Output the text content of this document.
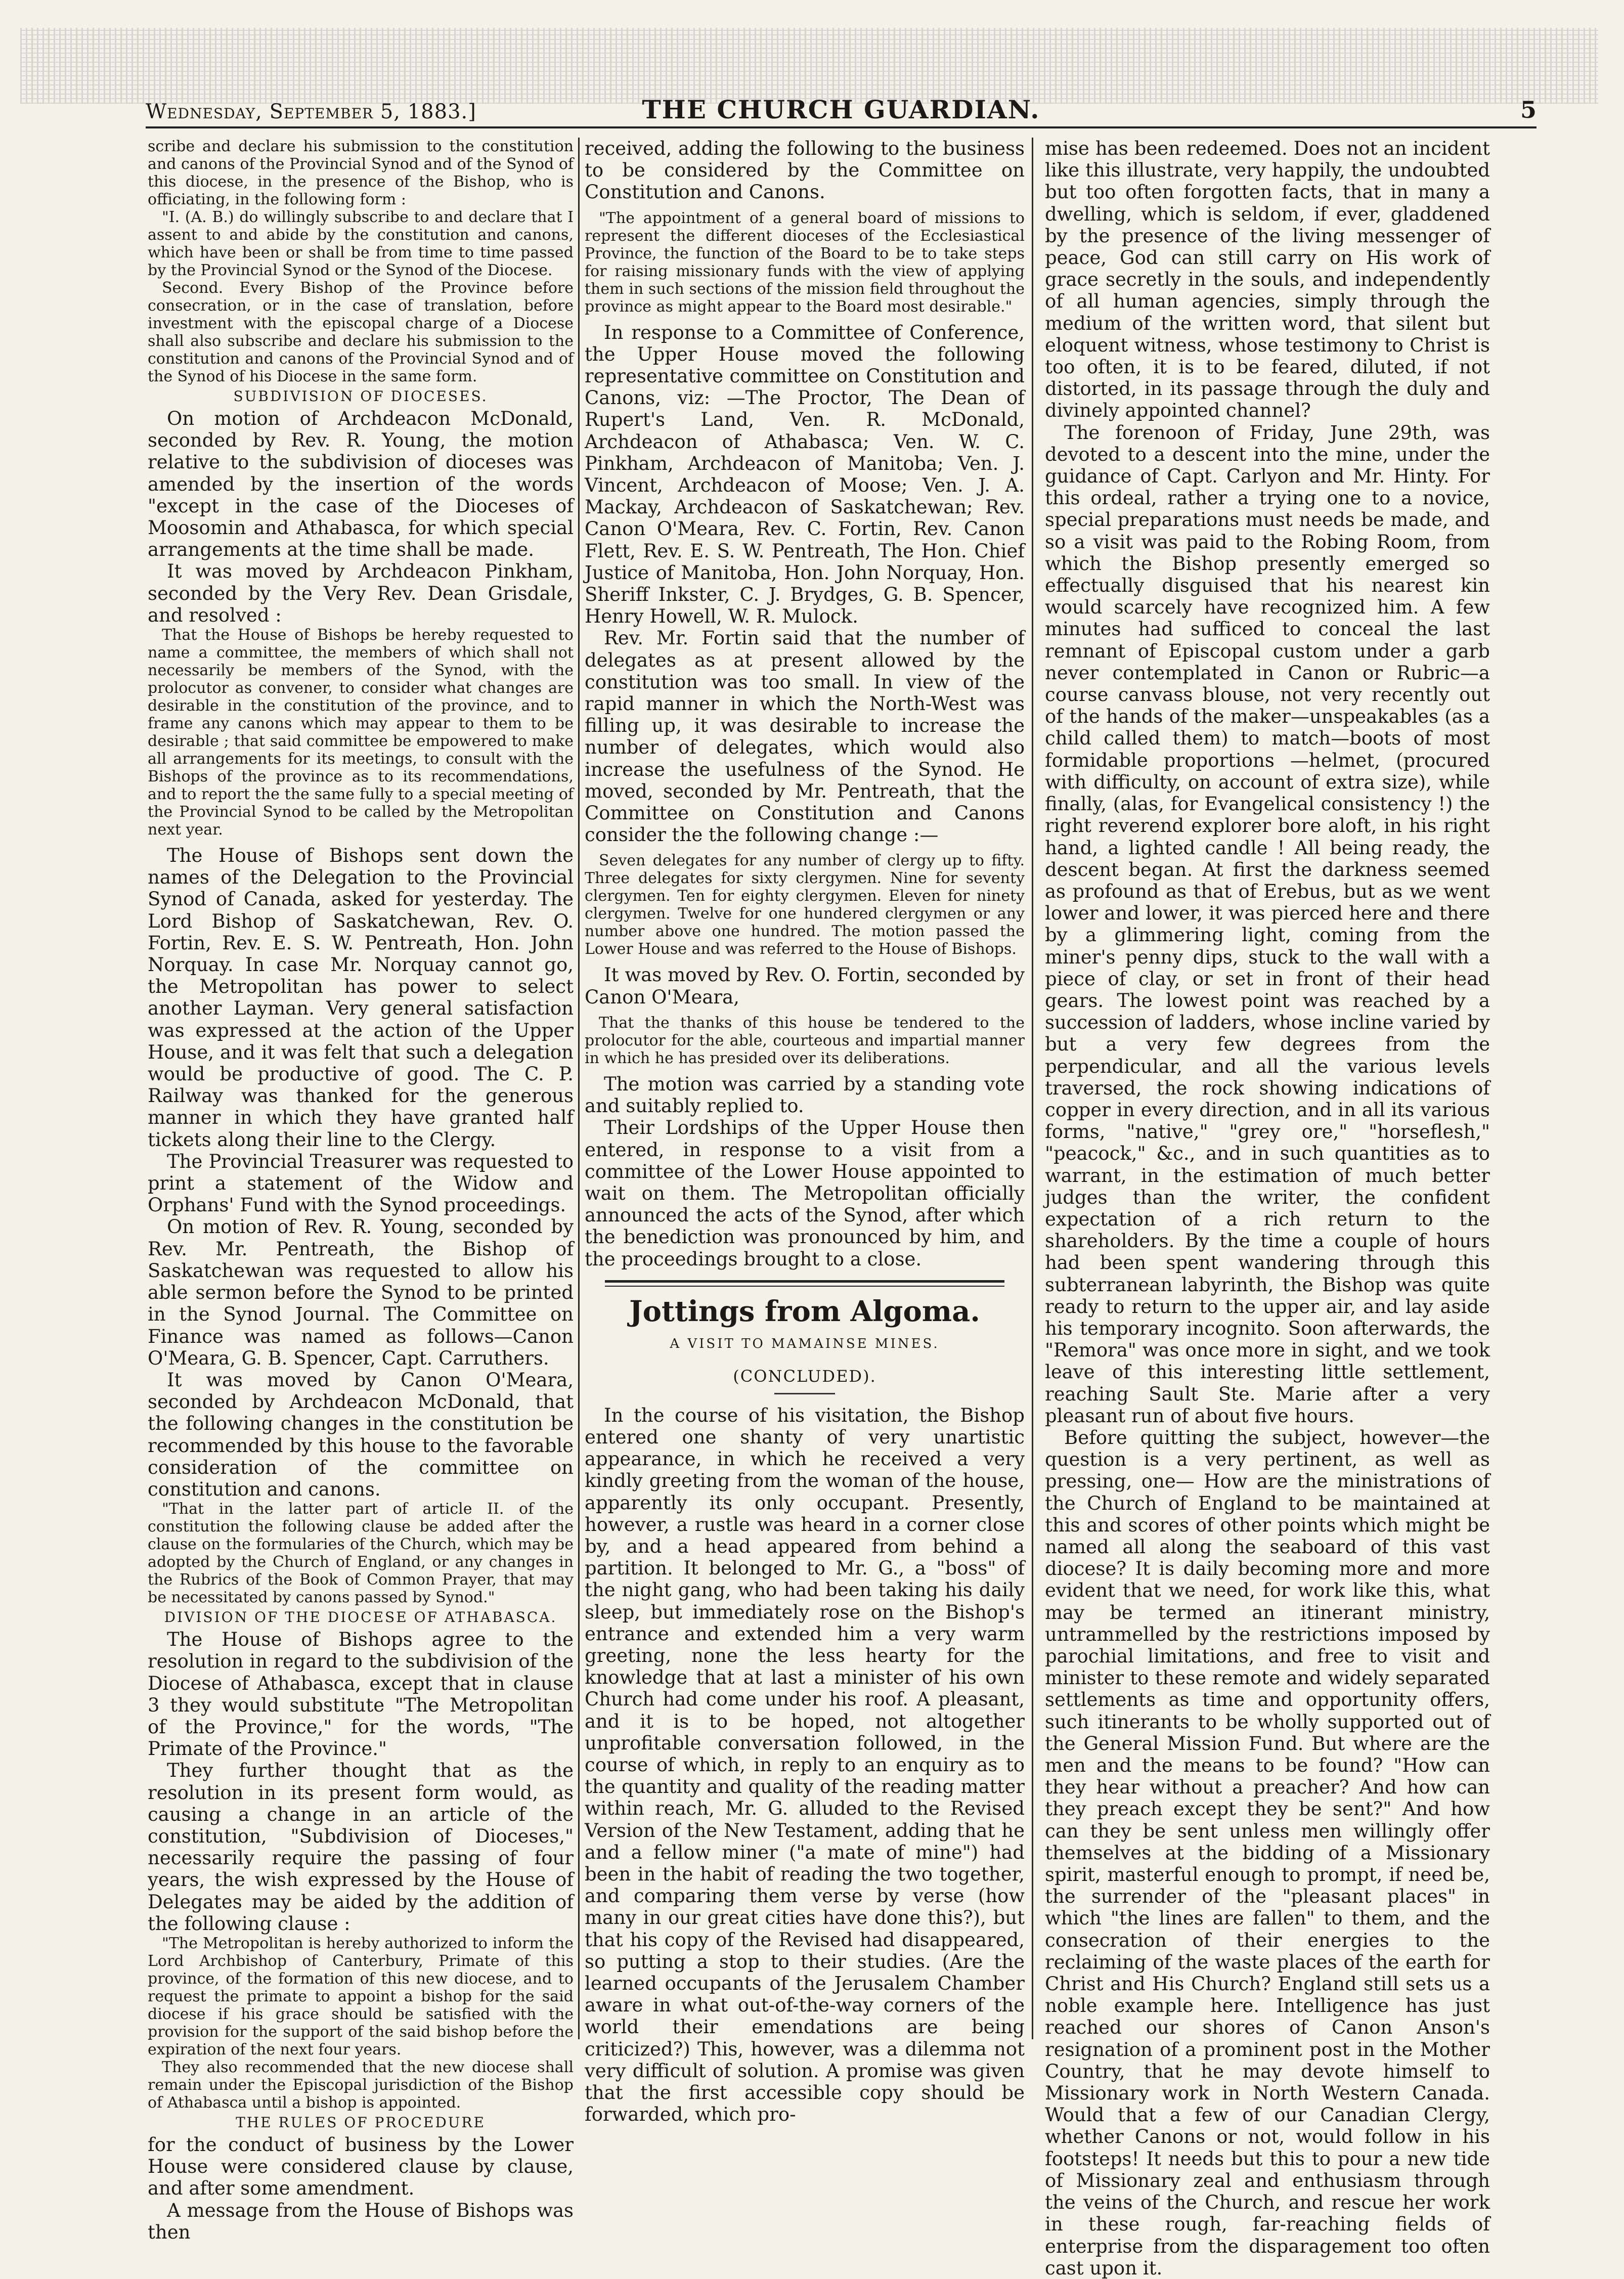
Wednesday, September 5, 1883.]	THE CHURCH GUARDIAN.	5

scribe and declare his submission to the constitution and canons of the Provincial Synod and of the Synod of this diocese, in the presence of the Bishop, who is officiating, in the following form :

"I. (A. B.) do willingly subscribe to and declare that I assent to and abide by the constitution and canons, which have been or shall be from time to time passed by the Provincial Synod or the Synod of the Diocese.

Second. Every Bishop of the Province before consecration, or in the case of translation, before investment with the episcopal charge of a Diocese shall also subscribe and declare his submission to the constitution and canons of the Provincial Synod and of the Synod of his Diocese in the same form.

SUBDIVISION OF DIOCESES.

On motion of Archdeacon McDonald, seconded by Rev. R. Young, the motion relative to the subdivision of dioceses was amended by the insertion of the words "except in the case of the Dioceses of Moosomin and Athabasca, for which special arrangements at the time shall be made.

It was moved by Archdeacon Pinkham, seconded by the Very Rev. Dean Grisdale, and resolved :

That the House of Bishops be hereby requested to name a committee, the members of which shall not necessarily be members of the Synod, with the prolocutor as convener, to consider what changes are desirable in the constitution of the province, and to frame any canons which may appear to them to be desirable ; that said committee be empowered to make all arrangements for its meetings, to consult with the Bishops of the province as to its recommendations, and to report the the same fully to a special meeting of the Provincial Synod to be called by the Metropolitan next year.

The House of Bishops sent down the names of the Delegation to the Provincial Synod of Canada, asked for yesterday. The Lord Bishop of Saskatchewan, Rev. O. Fortin, Rev. E. S. W. Pentreath, Hon. John Norquay. In case Mr. Norquay cannot go, the Metropolitan has power to select another Layman. Very general satisfaction was expressed at the action of the Upper House, and it was felt that such a delegation would be productive of good. The C. P. Railway was thanked for the generous manner in which they have granted half tickets along their line to the Clergy.

The Provincial Treasurer was requested to print a statement of the Widow and Orphans' Fund with the Synod proceedings.

On motion of Rev. R. Young, seconded by Rev. Mr. Pentreath, the Bishop of Saskatchewan was requested to allow his able sermon before the Synod to be printed in the Synod Journal. The Committee on Finance was named as follows—Canon O'Meara, G. B. Spencer, Capt. Carruthers.

It was moved by Canon O'Meara, seconded by Archdeacon McDonald, that the following changes in the constitution be recommended by this house to the favorable consideration of the committee on constitution and canons.

"That in the latter part of article II. of the constitution the following clause be added after the clause on the formularies of the Church, which may be adopted by the Church of England, or any changes in the Rubrics of the Book of Common Prayer, that may be necessitated by canons passed by Synod."

DIVISION OF THE DIOCESE OF ATHABASCA.

The House of Bishops agree to the resolution in regard to the subdivision of the Diocese of Athabasca, except that in clause 3 they would substitute "The Metropolitan of the Province," for the words, "The Primate of the Province."

They further thought that as the resolution in its present form would, as causing a change in an article of the constitution, "Subdivision of Dioceses," necessarily require the passing of four years, the wish expressed by the House of Delegates may be aided by the addition of the following clause :

"The Metropolitan is hereby authorized to inform the Lord Archbishop of Canterbury, Primate of this province, of the formation of this new diocese, and to request the primate to appoint a bishop for the said diocese if his grace should be satisfied with the provision for the support of the said bishop before the expiration of the next four years.

They also recommended that the new diocese shall remain under the Episcopal jurisdiction of the Bishop of Athabasca until a bishop is appointed.

THE RULES OF PROCEDURE

for the conduct of business by the Lower House were considered clause by clause, and after some amendment.

A message from the House of Bishops was then

received, adding the following to the business to be considered by the Committee on Constitution and Canons.

"The appointment of a general board of missions to represent the different dioceses of the Ecclesiastical Province, the function of the Board to be to take steps for raising missionary funds with the view of applying them in such sections of the mission field throughout the province as might appear to the Board most desirable."

In response to a Committee of Conference, the Upper House moved the following representative committee on Constitution and Canons, viz: —The Proctor, The Dean of Rupert's Land, Ven. R. McDonald, Archdeacon of Athabasca; Ven. W. C. Pinkham, Archdeacon of Manitoba; Ven. J. Vincent, Archdeacon of Moose; Ven. J. A. Mackay, Archdeacon of Saskatchewan; Rev. Canon O'Meara, Rev. C. Fortin, Rev. Canon Flett, Rev. E. S. W. Pentreath, The Hon. Chief Justice of Manitoba, Hon. John Norquay, Hon. Sheriff Inkster, C. J. Brydges, G. B. Spencer, Henry Howell, W. R. Mulock.

Rev. Mr. Fortin said that the number of delegates as at present allowed by the constitution was too small. In view of the rapid manner in which the North-West was filling up, it was desirable to increase the number of delegates, which would also increase the usefulness of the Synod. He moved, seconded by Mr. Pentreath, that the Committee on Constitution and Canons consider the the following change :—

Seven delegates for any number of clergy up to fifty. Three delegates for sixty clergymen. Nine for seventy clergymen. Ten for eighty clergymen. Eleven for ninety clergymen. Twelve for one hundered clergymen or any number above one hundred. The motion passed the Lower House and was referred to the House of Bishops.

It was moved by Rev. O. Fortin, seconded by Canon O'Meara,

That the thanks of this house be tendered to the prolocutor for the able, courteous and impartial manner in which he has presided over its deliberations.

The motion was carried by a standing vote and suitably replied to.

Their Lordships of the Upper House then entered, in response to a visit from a committee of the Lower House appointed to wait on them. The Metropolitan officially announced the acts of the Synod, after which the benediction was pronounced by him, and the proceedings brought to a close.

Jottings from Algoma.

A VISIT TO MAMAINSE MINES.

(CONCLUDED).

In the course of his visitation, the Bishop entered one shanty of very unartistic appearance, in which he received a very kindly greeting from the woman of the house, apparently its only occupant. Presently, however, a rustle was heard in a corner close by, and a head appeared from behind a partition. It belonged to Mr. G., a "boss" of the night gang, who had been taking his daily sleep, but immediately rose on the Bishop's entrance and extended him a very warm greeting, none the less hearty for the knowledge that at last a minister of his own Church had come under his roof. A pleasant, and it is to be hoped, not altogether unprofitable conversation followed, in the course of which, in reply to an enquiry as to the quantity and quality of the reading matter within reach, Mr. G. alluded to the Revised Version of the New Testament, adding that he and a fellow miner ("a mate of mine") had been in the habit of reading the two together, and comparing them verse by verse (how many in our great cities have done this?), but that his copy of the Revised had disappeared, so putting a stop to their studies. (Are the learned occupants of the Jerusalem Chamber aware in what out-of-the-way corners of the world their emendations are being criticized?) This, however, was a dilemma not very difficult of solution. A promise was given that the first accessible copy should be forwarded, which pro-

mise has been redeemed. Does not an incident like this illustrate, very happily, the undoubted but too often forgotten facts, that in many a dwelling, which is seldom, if ever, gladdened by the presence of the living messenger of peace, God can still carry on His work of grace secretly in the souls, and independently of all human agencies, simply through the medium of the written word, that silent but eloquent witness, whose testimony to Christ is too often, it is to be feared, diluted, if not distorted, in its passage through the duly and divinely appointed channel?

The forenoon of Friday, June 29th, was devoted to a descent into the mine, under the guidance of Capt. Carlyon and Mr. Hinty. For this ordeal, rather a trying one to a novice, special preparations must needs be made, and so a visit was paid to the Robing Room, from which the Bishop presently emerged so effectually disguised that his nearest kin would scarcely have recognized him. A few minutes had sufficed to conceal the last remnant of Episcopal custom under a garb never contemplated in Canon or Rubric—a course canvass blouse, not very recently out of the hands of the maker—unspeakables (as a child called them) to match—boots of most formidable proportions —helmet, (procured with difficulty, on account of extra size), while finally, (alas, for Evangelical consistency !) the right reverend explorer bore aloft, in his right hand, a lighted candle ! All being ready, the descent began. At first the darkness seemed as profound as that of Erebus, but as we went lower and lower, it was pierced here and there by a glimmering light, coming from the miner's penny dips, stuck to the wall with a piece of clay, or set in front of their head gears. The lowest point was reached by a succession of ladders, whose incline varied by but a very few degrees from the perpendicular, and all the various levels traversed, the rock showing indications of copper in every direction, and in all its various forms, "native," "grey ore," "horseflesh," "peacock," &c., and in such quantities as to warrant, in the estimation of much better judges than the writer, the confident expectation of a rich return to the shareholders. By the time a couple of hours had been spent wandering through this subterranean labyrinth, the Bishop was quite ready to return to the upper air, and lay aside his temporary incognito. Soon afterwards, the "Remora" was once more in sight, and we took leave of this interesting little settlement, reaching Sault Ste. Marie after a very pleasant run of about five hours.

Before quitting the subject, however—the question is a very pertinent, as well as pressing, one— How are the ministrations of the Church of England to be maintained at this and scores of other points which might be named all along the seaboard of this vast diocese? It is daily becoming more and more evident that we need, for work like this, what may be termed an itinerant ministry, untrammelled by the restrictions imposed by parochial limitations, and free to visit and minister to these remote and widely separated settlements as time and opportunity offers, such itinerants to be wholly supported out of the General Mission Fund. But where are the men and the means to be found? "How can they hear without a preacher? And how can they preach except they be sent?" And how can they be sent unless men willingly offer themselves at the bidding of a Missionary spirit, masterful enough to prompt, if need be, the surrender of the "pleasant places" in which "the lines are fallen" to them, and the consecration of their energies to the reclaiming of the waste places of the earth for Christ and His Church? England still sets us a noble example here. Intelligence has just reached our shores of Canon Anson's resignation of a prominent post in the Mother Country, that he may devote himself to Missionary work in North Western Canada. Would that a few of our Canadian Clergy, whether Canons or not, would follow in his footsteps! It needs but this to pour a new tide of Missionary zeal and enthusiasm through the veins of the Church, and rescue her work in these rough, far-reaching fields of enterprise from the disparagement too often cast upon it.
